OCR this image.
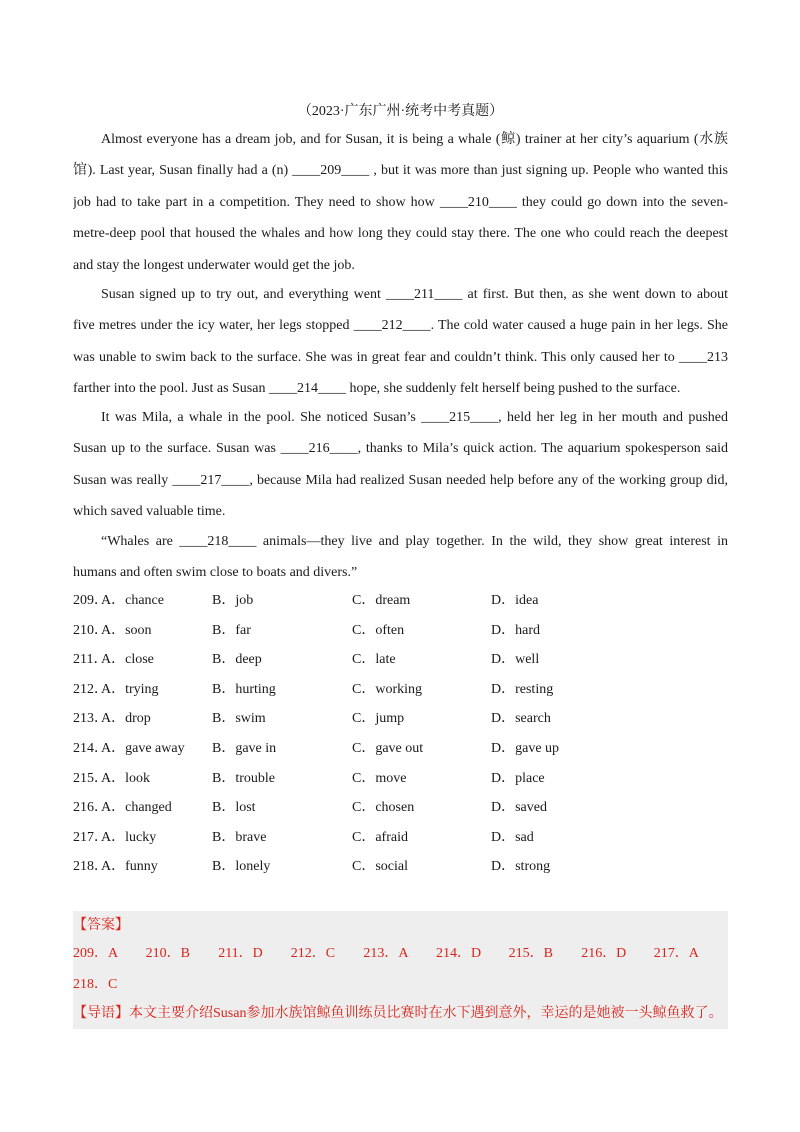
（2023·广东广州·统考中考真题）
Almost everyone has a dream job, and for Susan, it is being a whale (鲸) trainer at her city’s aquarium (水族
馆). Last year, Susan finally had a (n) ____209____ , but it was more than just signing up. People who wanted this
job had to take part in a competition. They need to show how ____210____ they could go down into the seven-
metre-deep pool that housed the whales and how long they could stay there. The one who could reach the deepest
and stay the longest underwater would get the job.
Susan signed up to try out, and everything went ____211____ at first. But then, as she went down to about
five metres under the icy water, her legs stopped ____212____. The cold water caused a huge pain in her legs. She
was unable to swim back to the surface. She was in great fear and couldn’t think. This only caused her to ____213
farther into the pool. Just as Susan ____214____ hope, she suddenly felt herself being pushed to the surface.
It was Mila, a whale in the pool. She noticed Susan’s ____215____, held her leg in her mouth and pushed
Susan up to the surface. Susan was ____216____, thanks to Mila’s quick action. The aquarium spokesperson said
Susan was really ____217____, because Mila had realized Susan needed help before any of the working group did,
which saved valuable time.
“Whales are ____218____ animals—they live and play together. In the wild, they show great interest in
humans and often swim close to boats and divers.”
209．
A．chance	B．job	C．dream	D．idea
210．
A．soon	B．far	C．often	D．hard
211．
A．close	B．deep	C．late	D．well
212．
A．trying	B．hurting	C．working	D．resting
213．
A．drop	B．swim	C．jump	D．search
214．
A．gave away B．gave in	C．gave out	D．gave up
215．
A．look	B．trouble	C．move	D．place
216．
A．changed	B．lost	C．chosen	D．saved
217．
A．lucky	B．brave	C．afraid	D．sad
218．
A．funny	B．lonely	C．social	D．strong
【答案】
209．A 210．B 211．D 212．C 213．A 214．D 215．B 216．D 217．A
218．C
【导语】本文主要介绍Susan参加水族馆鲸鱼训练员比赛时在水下遇到意外，幸运的是她被一头鲸鱼救了。
